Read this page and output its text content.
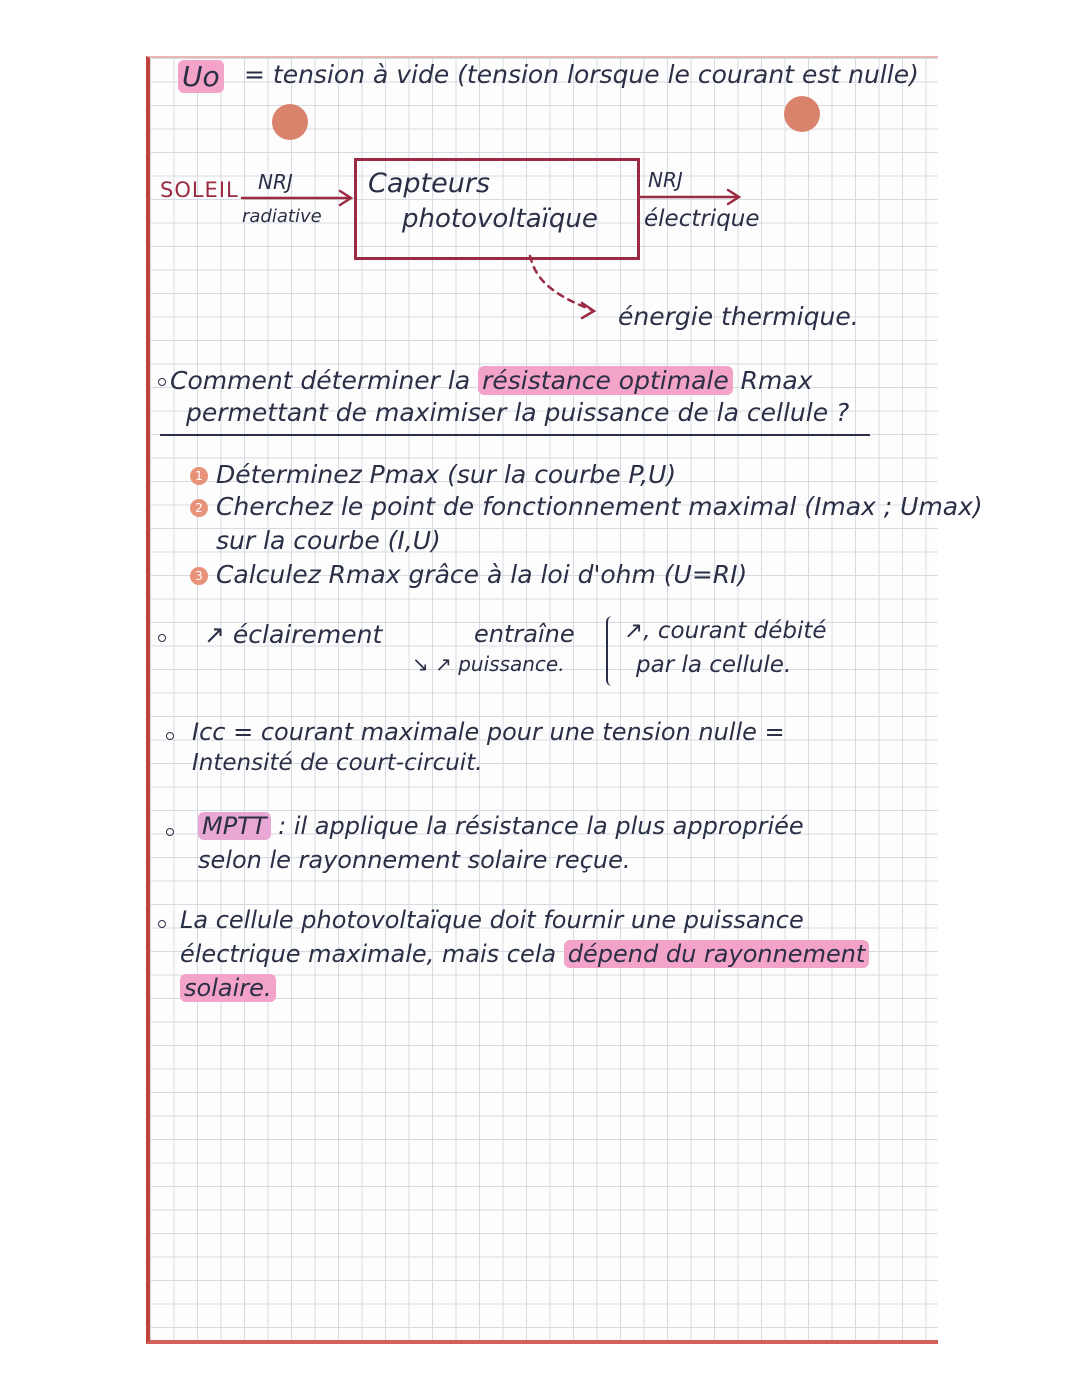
Uo = tension à vide (tension lorsque le courant est nulle)
SOLEIL NRJ
radiative
Capteurs
photovoltaïque
NRJ
électrique
énergie thermique.
Comment déterminer la résistance optimale Rmax
permettant de maximiser la puissance de la cellule ?
1 Déterminez Pmax (sur la courbe P,U)
2 Cherchez le point de fonctionnement maximal (Imax ; Umax)
sur la courbe (I,U)
3 Calculez Rmax grâce à la loi d'ohm (U=RI)
↗ éclairement	entraîne
↘ ↗ puissance.
↗, courant débité
par la cellule.
Icc = courant maximale pour une tension nulle =
Intensité de court-circuit.
MPTT : il applique la résistance la plus appropriée
selon le rayonnement solaire reçue.
La cellule photovoltaïque doit fournir une puissance
électrique maximale, mais cela dépend du rayonnement
solaire.
